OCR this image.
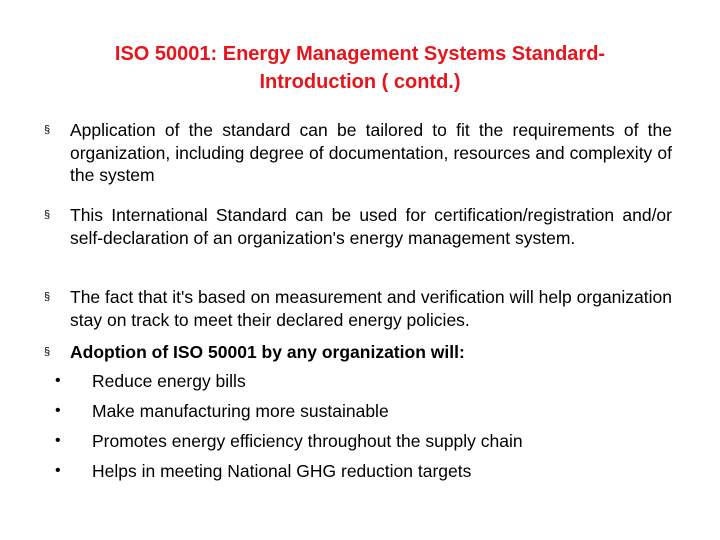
ISO 50001: Energy Management Systems Standard-
Introduction ( contd.)
§ Application of the standard can be tailored to fit the requirements of the organization, including degree of documentation, resources and complexity of the system
§ This International Standard can be used for certification/registration and/or self-declaration of an organization's energy management system.
§ The fact that it's based on measurement and verification will help organization stay on track to meet their declared energy policies.
§ Adoption of ISO 50001 by any organization will:
• Reduce energy bills
• Make manufacturing more sustainable
• Promotes energy efficiency throughout the supply chain
• Helps in meeting National GHG reduction targets
